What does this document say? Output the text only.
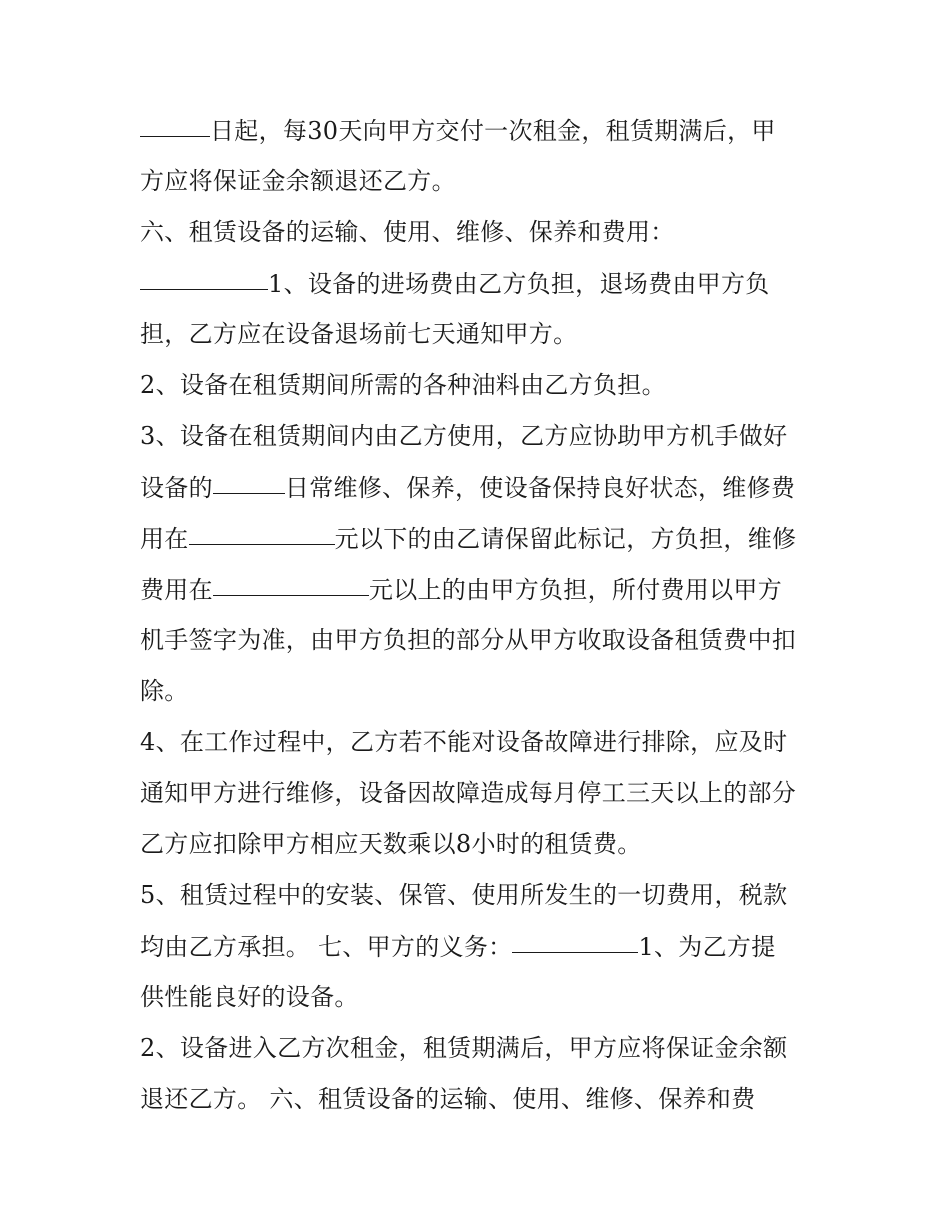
日起，每30天向甲方交付一次租金，租赁期满后，甲
方应将保证金余额退还乙方。
六、租赁设备的运输、使用、维修、保养和费用：
1、设备的进场费由乙方负担，退场费由甲方负
担，乙方应在设备退场前七天通知甲方。
2、设备在租赁期间所需的各种油料由乙方负担。
3、设备在租赁期间内由乙方使用，乙方应协助甲方机手做好
设备的	日常维修、保养，使设备保持良好状态，维修费
用在	元以下的由乙请保留此标记，方负担，维修
费用在	元以上的由甲方负担，所付费用以甲方
机手签字为准，由甲方负担的部分从甲方收取设备租赁费中扣
除。
4、在工作过程中，乙方若不能对设备故障进行排除，应及时
通知甲方进行维修，设备因故障造成每月停工三天以上的部分
乙方应扣除甲方相应天数乘以8小时的租赁费。
5、租赁过程中的安装、保管、使用所发生的一切费用，税款
均由乙方承担。 七、甲方的义务：	1、为乙方提
供性能良好的设备。
2、设备进入乙方次租金，租赁期满后，甲方应将保证金余额
退还乙方。 六、租赁设备的运输、使用、维修、保养和费
